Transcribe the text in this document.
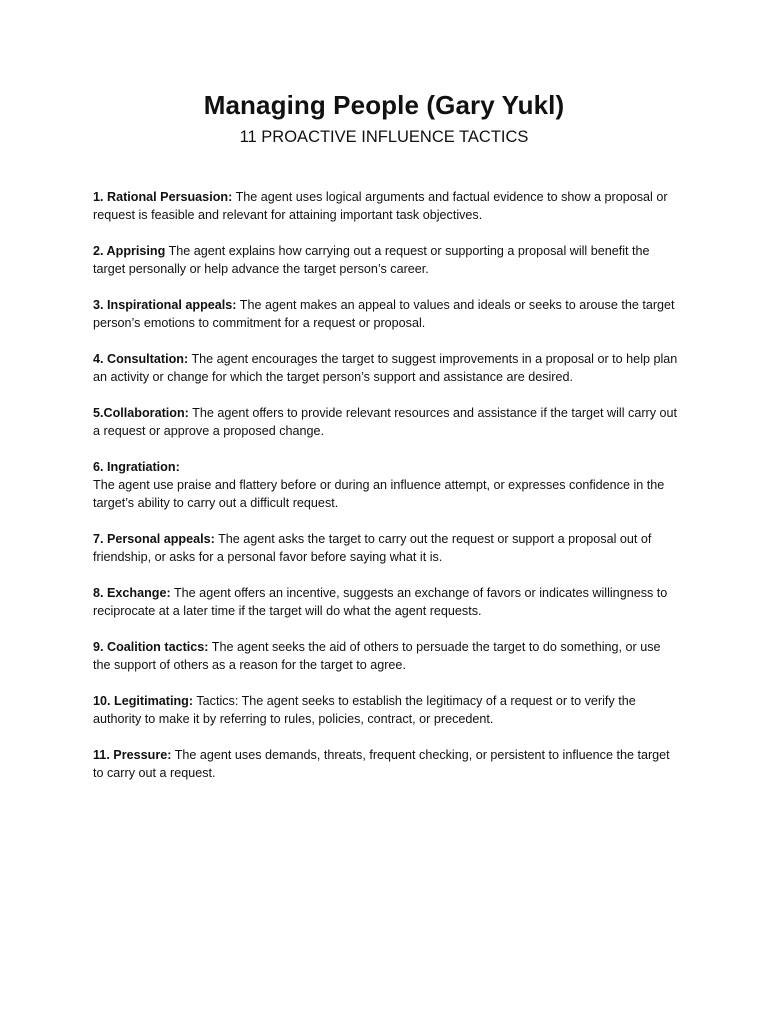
Managing People (Gary Yukl)
11 PROACTIVE INFLUENCE TACTICS

1. Rational Persuasion: The agent uses logical arguments and factual evidence to show a proposal or request is feasible and relevant for attaining important task objectives.

2. Apprising The agent explains how carrying out a request or supporting a proposal will benefit the target personally or help advance the target person’s career.

3. Inspirational appeals: The agent makes an appeal to values and ideals or seeks to arouse the target person’s emotions to commitment for a request or proposal.

4. Consultation: The agent encourages the target to suggest improvements in a proposal or to help plan an activity or change for which the target person’s support and assistance are desired.

5.Collaboration: The agent offers to provide relevant resources and assistance if the target will carry out a request or approve a proposed change.

6. Ingratiation:
The agent use praise and flattery before or during an influence attempt, or expresses confidence in the target’s ability to carry out a difficult request.

7. Personal appeals: The agent asks the target to carry out the request or support a proposal out of friendship, or asks for a personal favor before saying what it is.

8. Exchange: The agent offers an incentive, suggests an exchange of favors or indicates willingness to reciprocate at a later time if the target will do what the agent requests.

9. Coalition tactics: The agent seeks the aid of others to persuade the target to do something, or use the support of others as a reason for the target to agree.

10. Legitimating: Tactics: The agent seeks to establish the legitimacy of a request or to verify the authority to make it by referring to rules, policies, contract, or precedent.

11. Pressure: The agent uses demands, threats, frequent checking, or persistent to influence the target to carry out a request.
